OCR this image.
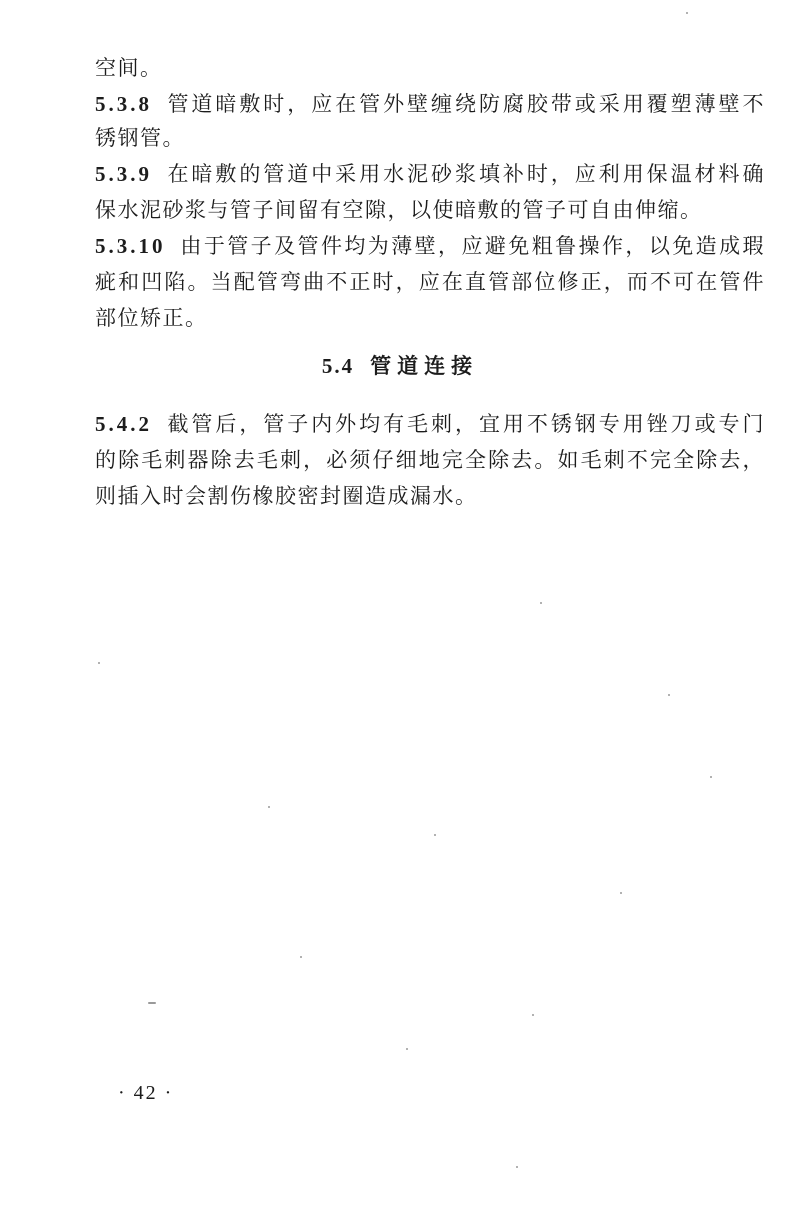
空间。
5.3.8 管道暗敷时，应在管外壁缠绕防腐胶带或采用覆塑薄壁不
锈钢管。
5.3.9 在暗敷的管道中采用水泥砂浆填补时，应利用保温材料确
保水泥砂浆与管子间留有空隙，以使暗敷的管子可自由伸缩。
5.3.10 由于管子及管件均为薄壁，应避免粗鲁操作，以免造成瑕
疵和凹陷。当配管弯曲不正时，应在直管部位修正，而不可在管件
部位矫正。
5.4 管道连接
5.4.2 截管后，管子内外均有毛刺，宜用不锈钢专用锉刀或专门
的除毛刺器除去毛刺，必须仔细地完全除去。如毛刺不完全除去，
则插入时会割伤橡胶密封圈造成漏水。
· 42 ·
